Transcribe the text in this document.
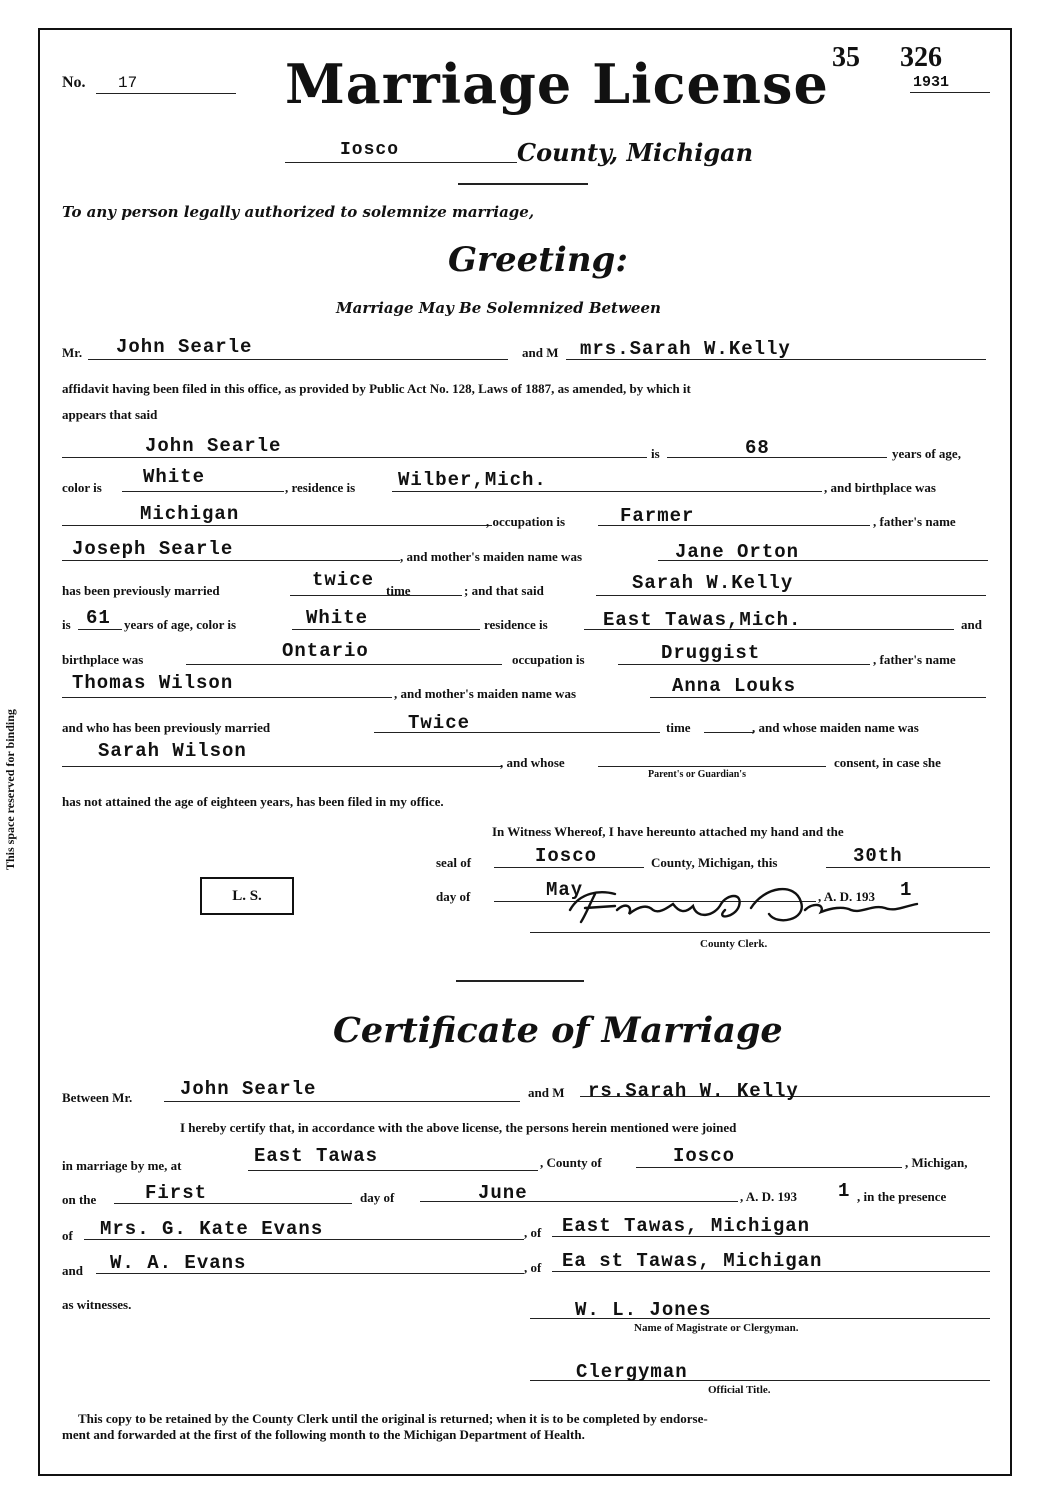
35 326
1931
No. 17	Marriage License
Iosco	County, Michigan
To any person legally authorized to solemnize marriage,
Greeting:
Marriage May Be Solemnized Between
Mr. John Searle	and M mrs.Sarah W.Kelly
affidavit having been filed in this office, as provided by Public Act No. 128, Laws of 1887, as amended, by which it
appears that said
John Searle	is	68	years of age,
color is White	, residence is Wilber,Mich.	, and birthplace was
Michigan	, occupation is	Farmer	, father's name
Joseph Searle	, and mother's maiden name was	Jane Orton
has been previously married	twice time	; and that said	Sarah W.Kelly
is 61 years of age, color is	White	residence is	East Tawas,Mich.	and
birthplace was	Ontario	occupation is	Druggist	, father's name
Thomas Wilson	, and mother's maiden name was	Anna Louks
and who has been previously married	Twice	time	, and whose maiden name was
Sarah Wilson
, and whose
Parent's or Guardian's
consent, in case she
has not attained the age of eighteen years, has been filed in my office.
In Witness Whereof, I have hereunto attached my hand and the
seal of	Iosco	County, Michigan, this	30th
day of	May	, A. D. 193 1
County Clerk.
L. S.
This space reserved for binding
Certificate of Marriage
Between Mr.	John Searle	and M rs.Sarah W. Kelly
I hereby certify that, in accordance with the above license, the persons herein mentioned were joined
in marriage by me, at	East Tawas	, County of	Iosco	, Michigan,
on the	First	day of	June	, A. D. 193 1 , in the presence
of Mrs. G. Kate Evans	, of East Tawas, Michigan
and W. A. Evans	, of Ea st Tawas, Michigan
as witnesses.	W. L. Jones
Name of Magistrate or Clergyman.
Clergyman
Official Title.
This copy to be retained by the County Clerk until the original is returned; when it is to be completed by endorse-
ment and forwarded at the first of the following month to the Michigan Department of Health.
